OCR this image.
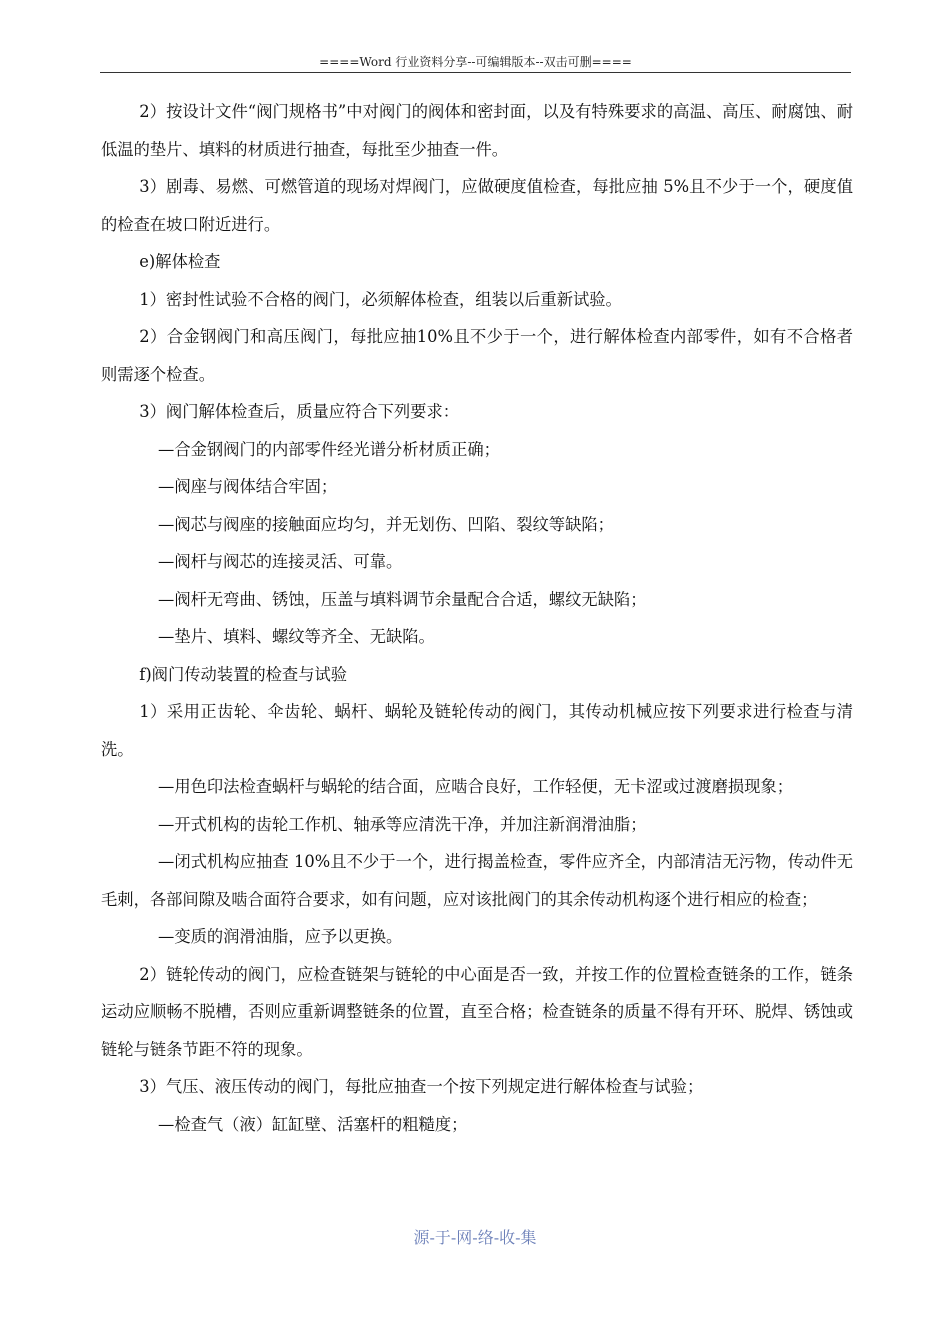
====Word 行业资料分享--可编辑版本--双击可删====

2）按设计文件“阀门规格书”中对阀门的阀体和密封面，以及有特殊要求的高温、高压、耐腐蚀、耐低温的垫片、填料的材质进行抽查，每批至少抽查一件。

3）剧毒、易燃、可燃管道的现场对焊阀门，应做硬度值检查，每批应抽 5%且不少于一个，硬度值的检查在坡口附近进行。

e)解体检查

1）密封性试验不合格的阀门，必须解体检查，组装以后重新试验。

2）合金钢阀门和高压阀门，每批应抽10%且不少于一个，进行解体检查内部零件，如有不合格者则需逐个检查。

3）阀门解体检查后，质量应符合下列要求：

—合金钢阀门的内部零件经光谱分析材质正确；

—阀座与阀体结合牢固；

—阀芯与阀座的接触面应均匀，并无划伤、凹陷、裂纹等缺陷；

—阀杆与阀芯的连接灵活、可靠。

—阀杆无弯曲、锈蚀，压盖与填料调节余量配合合适，螺纹无缺陷；

—垫片、填料、螺纹等齐全、无缺陷。

f)阀门传动装置的检查与试验

1）采用正齿轮、伞齿轮、蜗杆、蜗轮及链轮传动的阀门，其传动机械应按下列要求进行检查与清洗。

—用色印法检查蜗杆与蜗轮的结合面，应啮合良好，工作轻便，无卡涩或过渡磨损现象；

—开式机构的齿轮工作机、轴承等应清洗干净，并加注新润滑油脂；

—闭式机构应抽查 10%且不少于一个，进行揭盖检查，零件应齐全，内部清洁无污物，传动件无毛刺，各部间隙及啮合面符合要求，如有问题，应对该批阀门的其余传动机构逐个进行相应的检查；

—变质的润滑油脂，应予以更换。

2）链轮传动的阀门，应检查链架与链轮的中心面是否一致，并按工作的位置检查链条的工作，链条运动应顺畅不脱槽，否则应重新调整链条的位置，直至合格；检查链条的质量不得有开环、脱焊、锈蚀或链轮与链条节距不符的现象。

3）气压、液压传动的阀门，每批应抽查一个按下列规定进行解体检查与试验；

—检查气（液）缸缸壁、活塞杆的粗糙度；

源-于-网-络-收-集
